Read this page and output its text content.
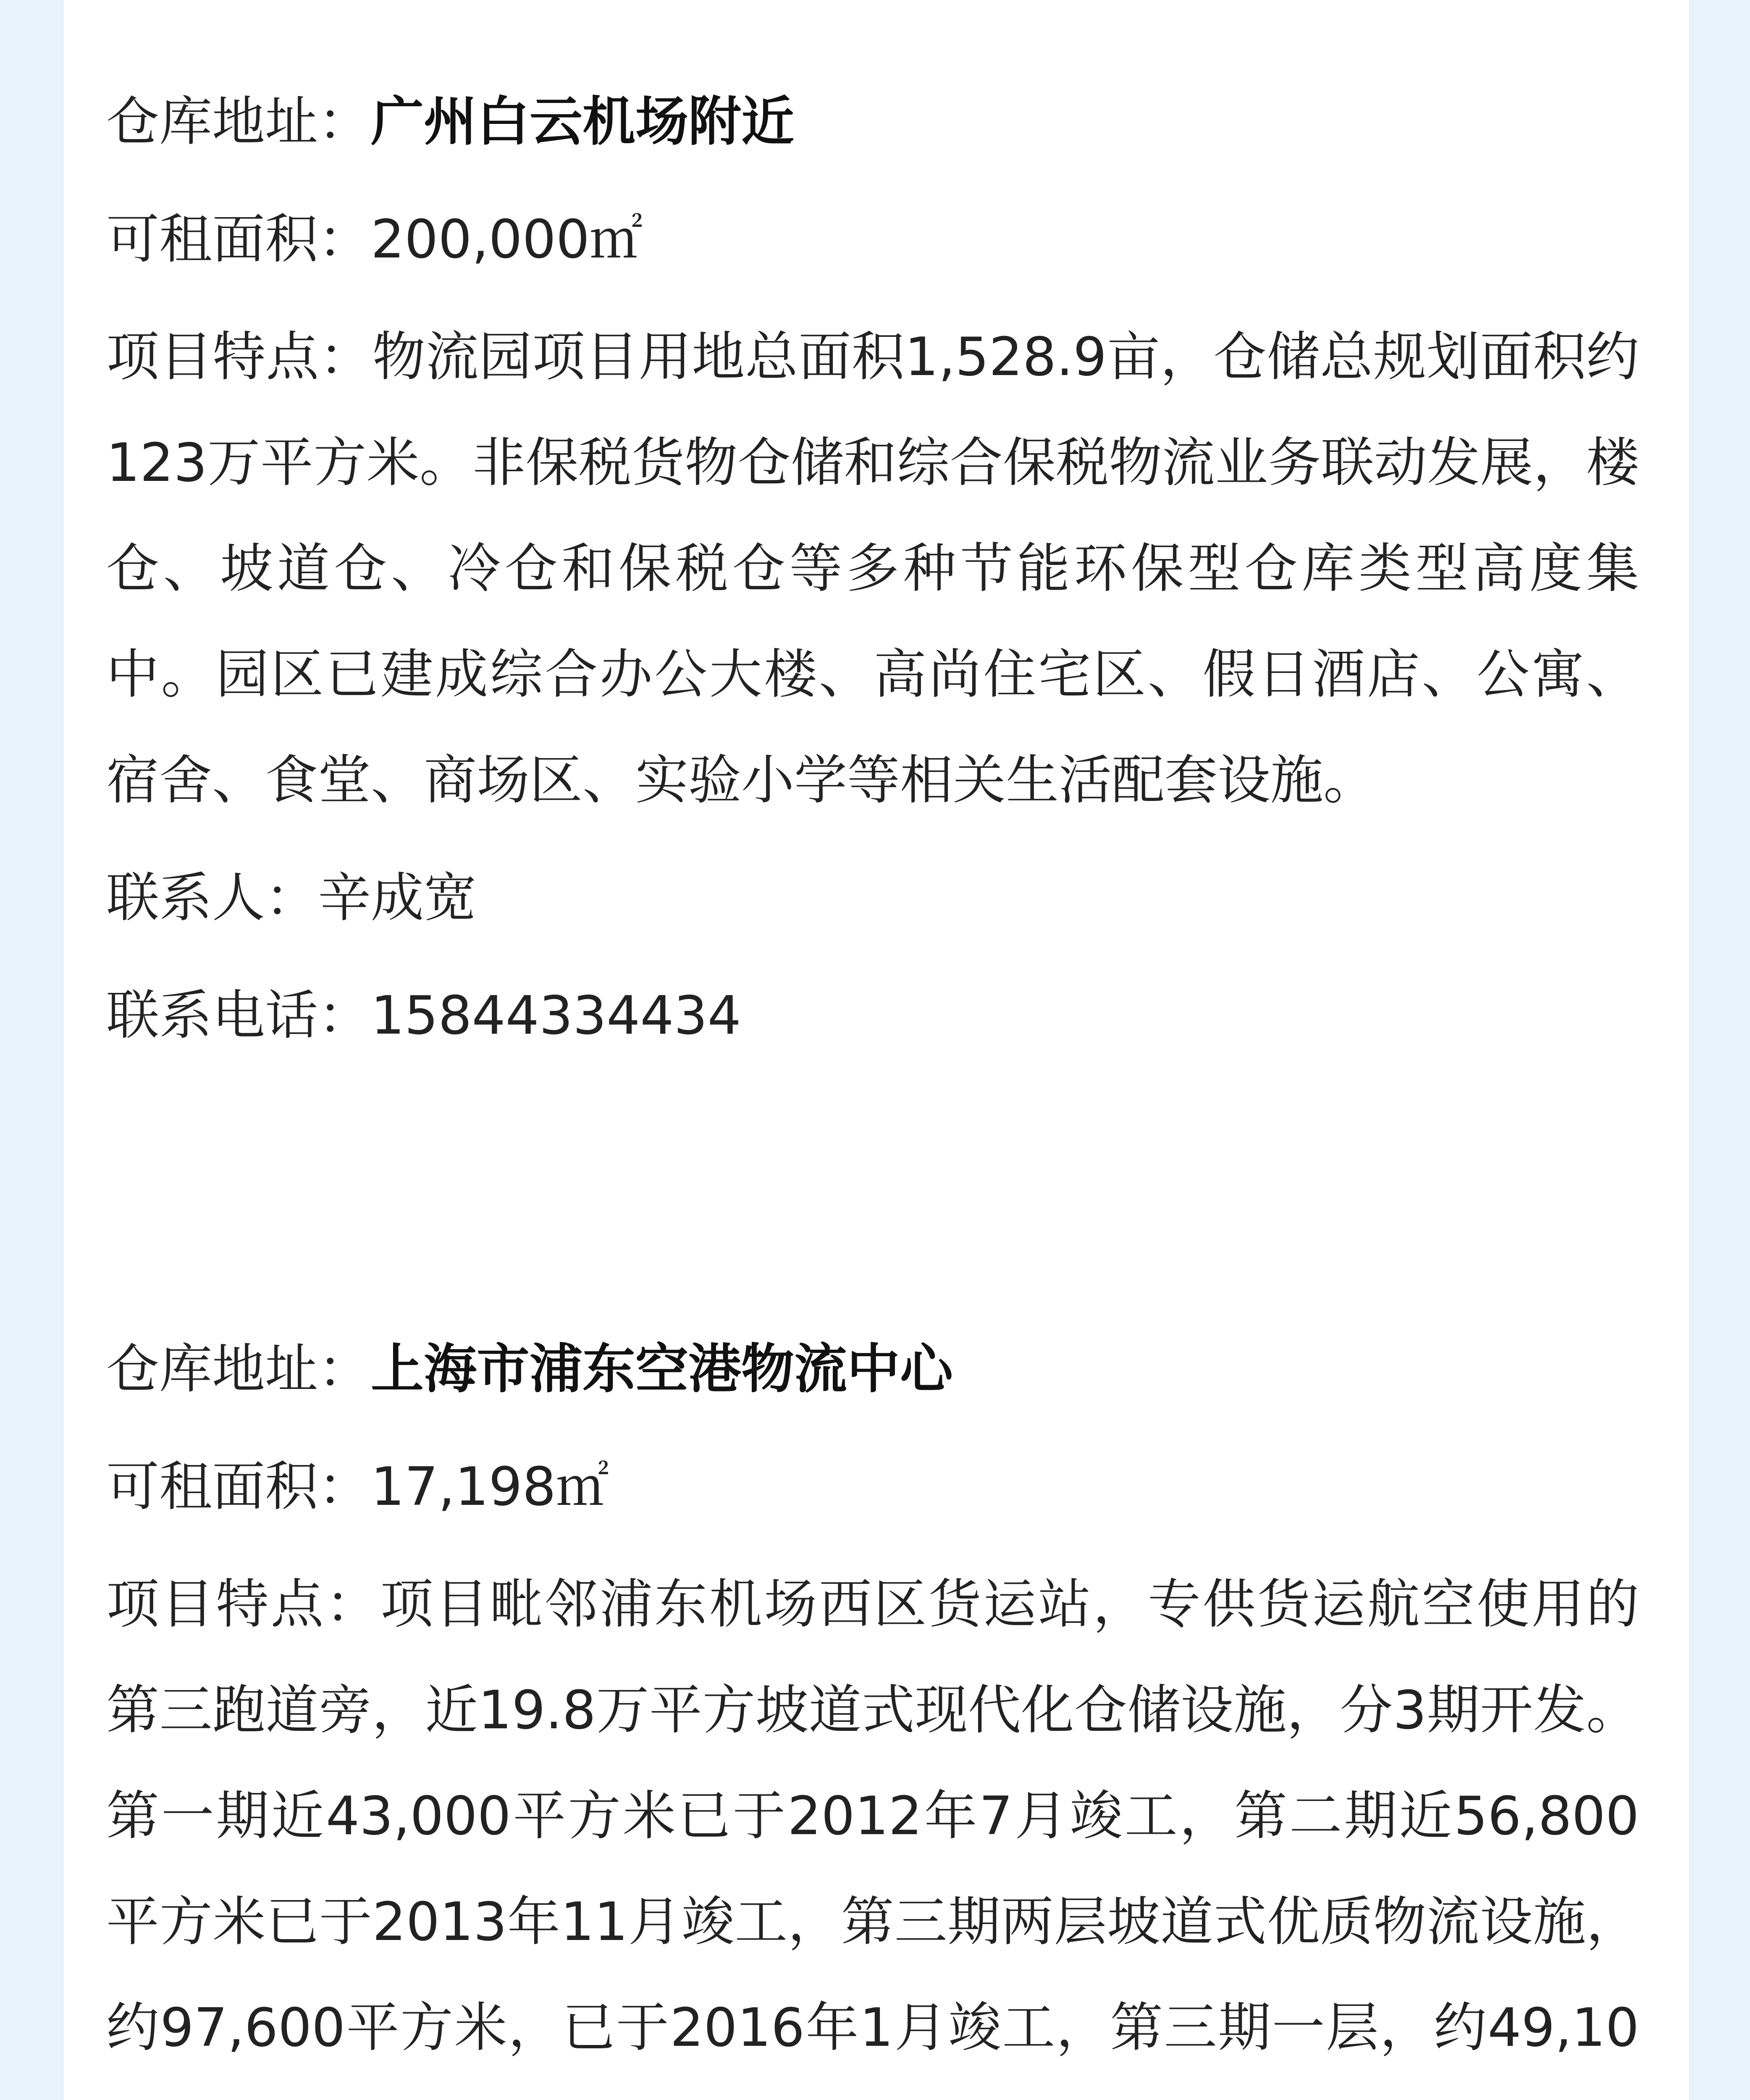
仓库地址：广州白云机场附近

可租面积：200,000㎡

项目特点：物流园项目用地总面积1,528.9亩，仓储总规划面积约123万平方米。非保税货物仓储和综合保税物流业务联动发展，楼仓、坡道仓、冷仓和保税仓等多种节能环保型仓库类型高度集中。园区已建成综合办公大楼、高尚住宅区、假日酒店、公寓、宿舍、食堂、商场区、实验小学等相关生活配套设施。

联系人：辛成宽

联系电话：15844334434

仓库地址：上海市浦东空港物流中心

可租面积：17,198㎡

项目特点：项目毗邻浦东机场西区货运站，专供货运航空使用的第三跑道旁，近19.8万平方坡道式现代化仓储设施，分3期开发。第一期近43,000平方米已于2012年7月竣工，第二期近56,800平方米已于2013年11月竣工，第三期两层坡道式优质物流设施，约97,600平方米，已于2016年1月竣工，第三期一层，约49,10
